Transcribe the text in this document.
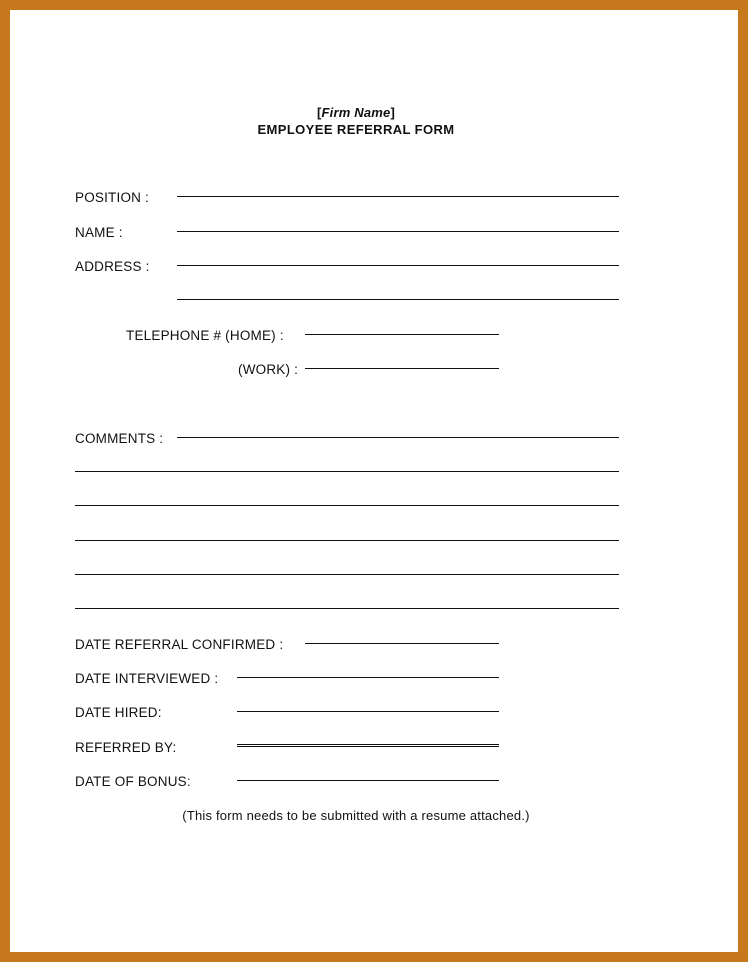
[Firm Name]
EMPLOYEE REFERRAL FORM
POSITION :
NAME :
ADDRESS :
TELEPHONE # (HOME) :
(WORK) :
COMMENTS :
DATE REFERRAL CONFIRMED :
DATE INTERVIEWED :
DATE HIRED:
REFERRED BY:
DATE OF BONUS:
(This form needs to be submitted with a resume attached.)
